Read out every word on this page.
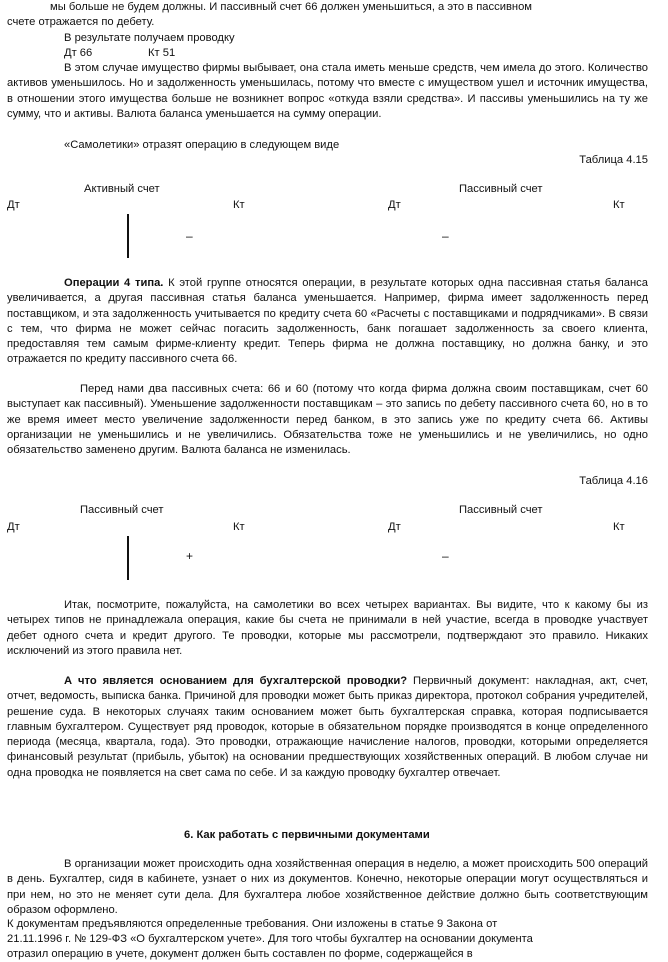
мы больше не будем должны. И пассивный счет 66 должен уменьшиться, а это в пассивном
счете отражается по дебету.
В результате получаем проводку
Дт 66	Кт 51

В этом случае имущество фирмы выбывает, она стала иметь меньше средств, чем имела до этого. Количество активов уменьшилось. Но и задолженность уменьшилась, потому что вместе с имуществом ушел и источник имущества, в отношении этого имущества больше не возникнет вопрос «откуда взяли средства». И пассивы уменьшились на ту же сумму, что и активы. Валюта баланса уменьшается на сумму операции.

«Самолетики» отразят операцию в следующем виде
Таблица 4.15
Активный счет	Пассивный счет
Дт	Кт	Дт	Кт
–	–

Операции 4 типа. К этой группе относятся операции, в результате которых одна пассивная статья баланса увеличивается, а другая пассивная статья баланса уменьшается. Например, фирма имеет задолженность перед поставщиком, и эта задолженность учитывается по кредиту счета 60 «Расчеты с поставщиками и подрядчиками». В связи с тем, что фирма не может сейчас погасить задолженность, банк погашает задолженность за своего клиента, предоставляя тем самым фирме-клиенту кредит. Теперь фирма не должна поставщику, но должна банку, и это отражается по кредиту пассивного счета 66.

Перед нами два пассивных счета: 66 и 60 (потому что когда фирма должна своим поставщикам, счет 60 выступает как пассивный). Уменьшение задолженности поставщикам – это запись по дебету пассивного счета 60, но в то же время имеет место увеличение задолженности перед банком, в это запись уже по кредиту счета 66. Активы организации не уменьшились и не увеличились. Обязательства тоже не уменьшились и не увеличились, но одно обязательство заменено другим. Валюта баланса не изменилась.

Таблица 4.16
Пассивный счет	Пассивный счет
Дт	Кт	Дт	Кт
+	–

Итак, посмотрите, пожалуйста, на самолетики во всех четырех вариантах. Вы видите, что к какому бы из четырех типов не принадлежала операция, какие бы счета не принимали в ней участие, всегда в проводке участвует дебет одного счета и кредит другого. Те проводки, которые мы рассмотрели, подтверждают это правило. Никаких исключений из этого правила нет.

А что является основанием для бухгалтерской проводки? Первичный документ: накладная, акт, счет, отчет, ведомость, выписка банка. Причиной для проводки может быть приказ директора, протокол собрания учредителей, решение суда. В некоторых случаях таким основанием может быть бухгалтерская справка, которая подписывается главным бухгалтером. Существует ряд проводок, которые в обязательном порядке производятся в конце определенного периода (месяца, квартала, года). Это проводки, отражающие начисление налогов, проводки, которыми определяется финансовый результат (прибыль, убыток) на основании предшествующих хозяйственных операций. В любом случае ни одна проводка не появляется на свет сама по себе. И за каждую проводку бухгалтер отвечает.

6. Как работать с первичными документами

В организации может происходить одна хозяйственная операция в неделю, а может происходить 500 операций в день. Бухгалтер, сидя в кабинете, узнает о них из документов. Конечно, некоторые операции могут осуществляться и при нем, но это не меняет сути дела. Для бухгалтера любое хозяйственное действие должно быть соответствующим образом оформлено.

К документам предъявляются определенные требования. Они изложены в статье 9 Закона от
21.11.1996 г. № 129-ФЗ «О бухгалтерском учете». Для того чтобы бухгалтер на основании документа
отразил операцию в учете, документ должен быть составлен по форме, содержащейся в
